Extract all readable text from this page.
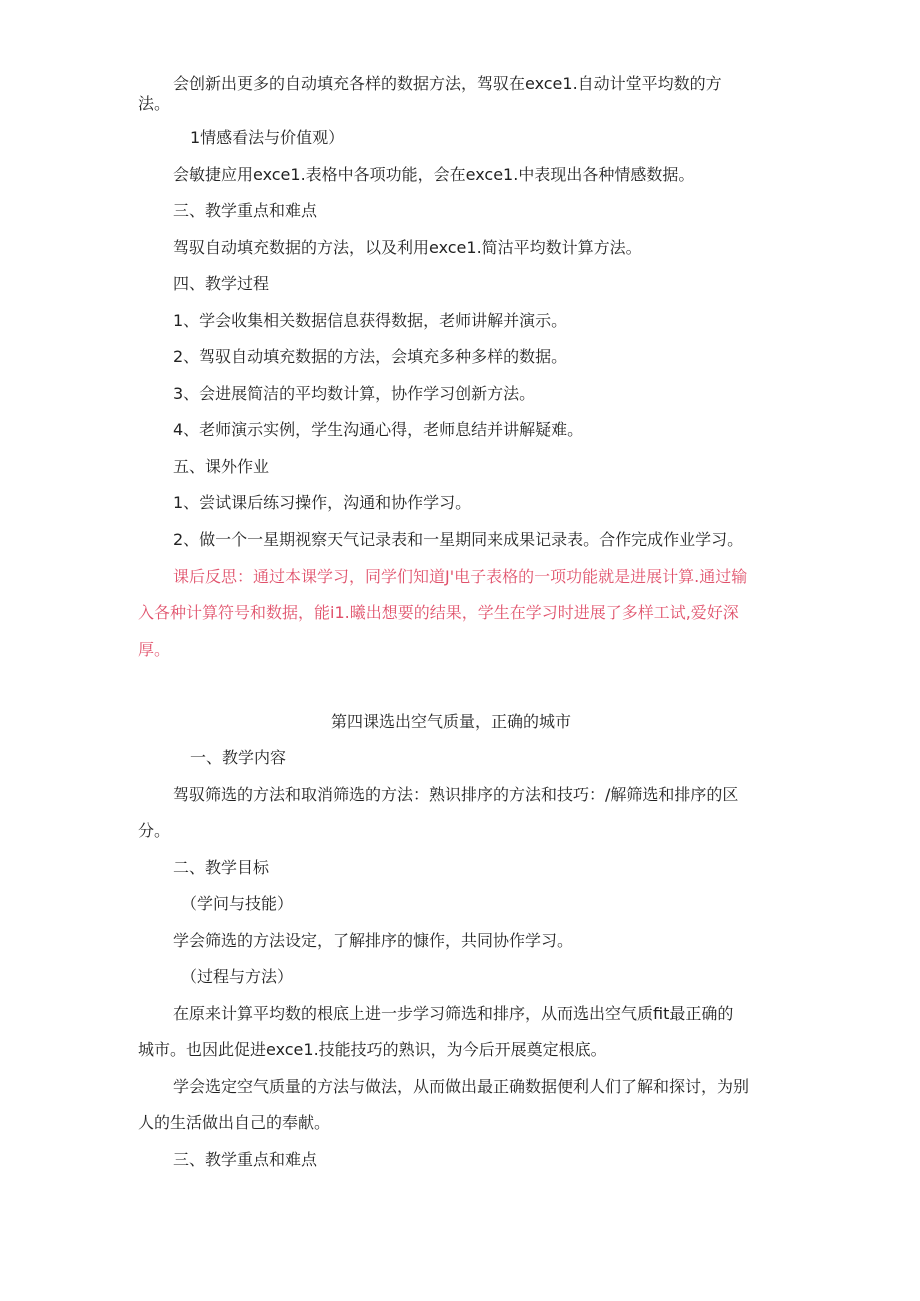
会创新出更多的自动填充各样的数据方法，驾驭在exce1.自动计堂平均数的方
法。
1情感看法与价值观）
会敏捷应用exce1.表格中各项功能，会在exce1.中表现出各种情感数据。
三、教学重点和难点
驾驭自动填充数据的方法，以及利用exce1.简沽平均数计算方法。
四、教学过程
1、学会收集相关数据信息获得数据，老师讲解并演示。
2、驾驭自动填充数据的方法，会填充多种多样的数据。
3、会进展简洁的平均数计算，协作学习创新方法。
4、老师演示实例，学生沟通心得，老师息结并讲解疑难。
五、课外作业
1、尝试课后练习操作，沟通和协作学习。
2、做一个一星期视察天气记录表和一星期同来成果记录表。合作完成作业学习。
课后反思：通过本课学习，同学们知道J'电子表格的一项功能就是进展计算.通过输
入各种计算符号和数据，能i1.曦出想要的结果，学生在学习时进展了多样工试,爱好深
厚。
第四课选出空气质量，正确的城市
一、教学内容
驾驭筛选的方法和取消筛选的方法：熟识排序的方法和技巧：/解筛选和排序的区
分。
二、教学目标
（学问与技能）
学会筛选的方法设定，了解排序的慷作，共同协作学习。
（过程与方法）
在原来计算平均数的根底上进一步学习筛选和排序，从而选出空气质fit最正确的
城市。也因此促进exce1.技能技巧的熟识，为今后开展奠定根底。
学会选定空气质量的方法与做法，从而做出最正确数据便利人们了解和探讨，为别
人的生活做出自己的奉献。
三、教学重点和难点
